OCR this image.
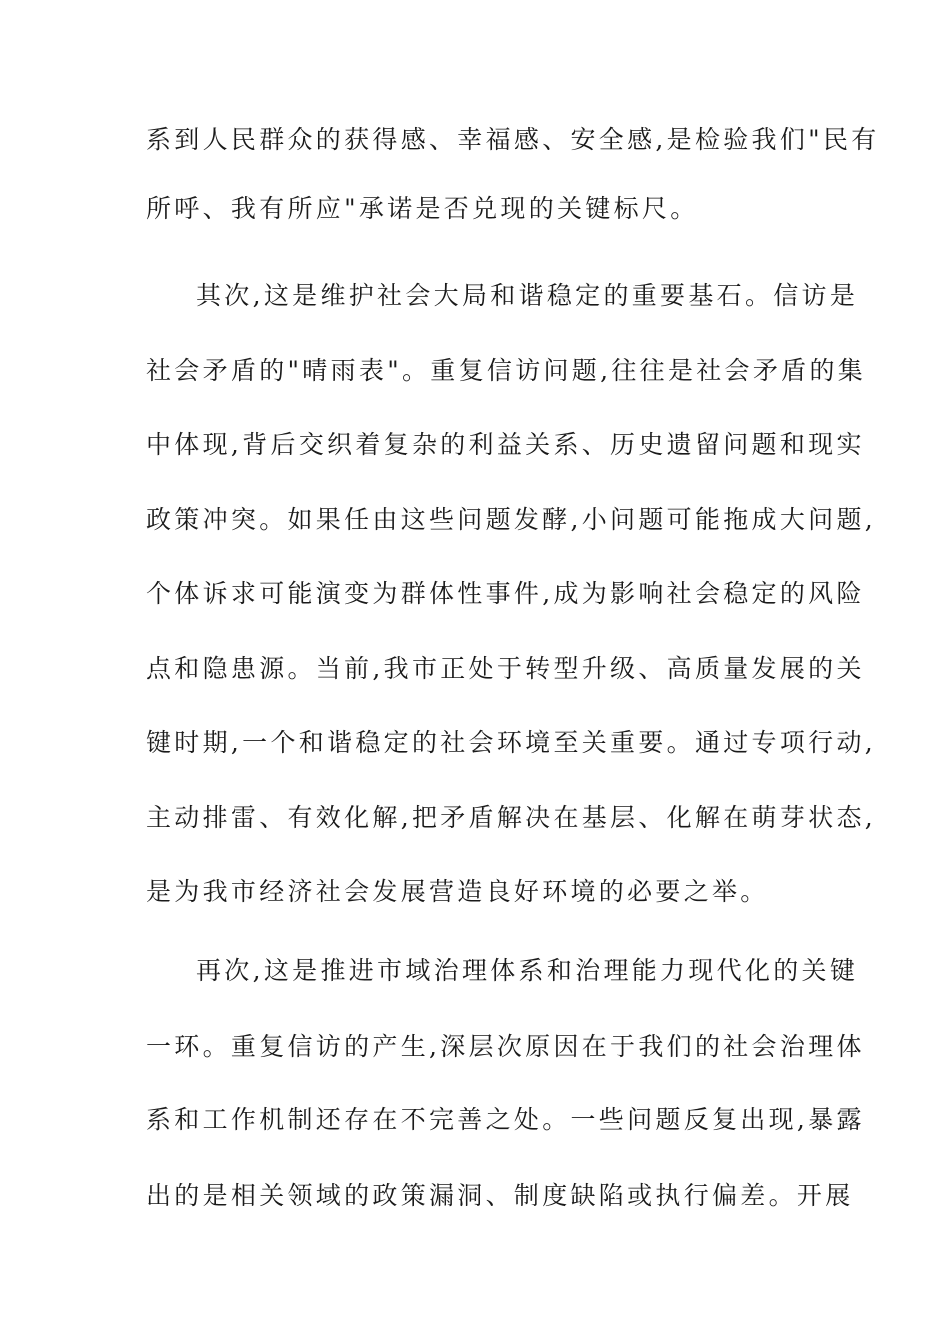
系到人民群众的获得感、幸福感、安全感,是检验我们"民有
所呼、我有所应"承诺是否兑现的关键标尺。
其次,这是维护社会大局和谐稳定的重要基石。信访是
社会矛盾的"晴雨表"。重复信访问题,往往是社会矛盾的集
中体现,背后交织着复杂的利益关系、历史遗留问题和现实
政策冲突。如果任由这些问题发酵,小问题可能拖成大问题,
个体诉求可能演变为群体性事件,成为影响社会稳定的风险
点和隐患源。当前,我市正处于转型升级、高质量发展的关
键时期,一个和谐稳定的社会环境至关重要。通过专项行动,
主动排雷、有效化解,把矛盾解决在基层、化解在萌芽状态,
是为我市经济社会发展营造良好环境的必要之举。
再次,这是推进市域治理体系和治理能力现代化的关键
一环。重复信访的产生,深层次原因在于我们的社会治理体
系和工作机制还存在不完善之处。一些问题反复出现,暴露
出的是相关领域的政策漏洞、制度缺陷或执行偏差。开展
